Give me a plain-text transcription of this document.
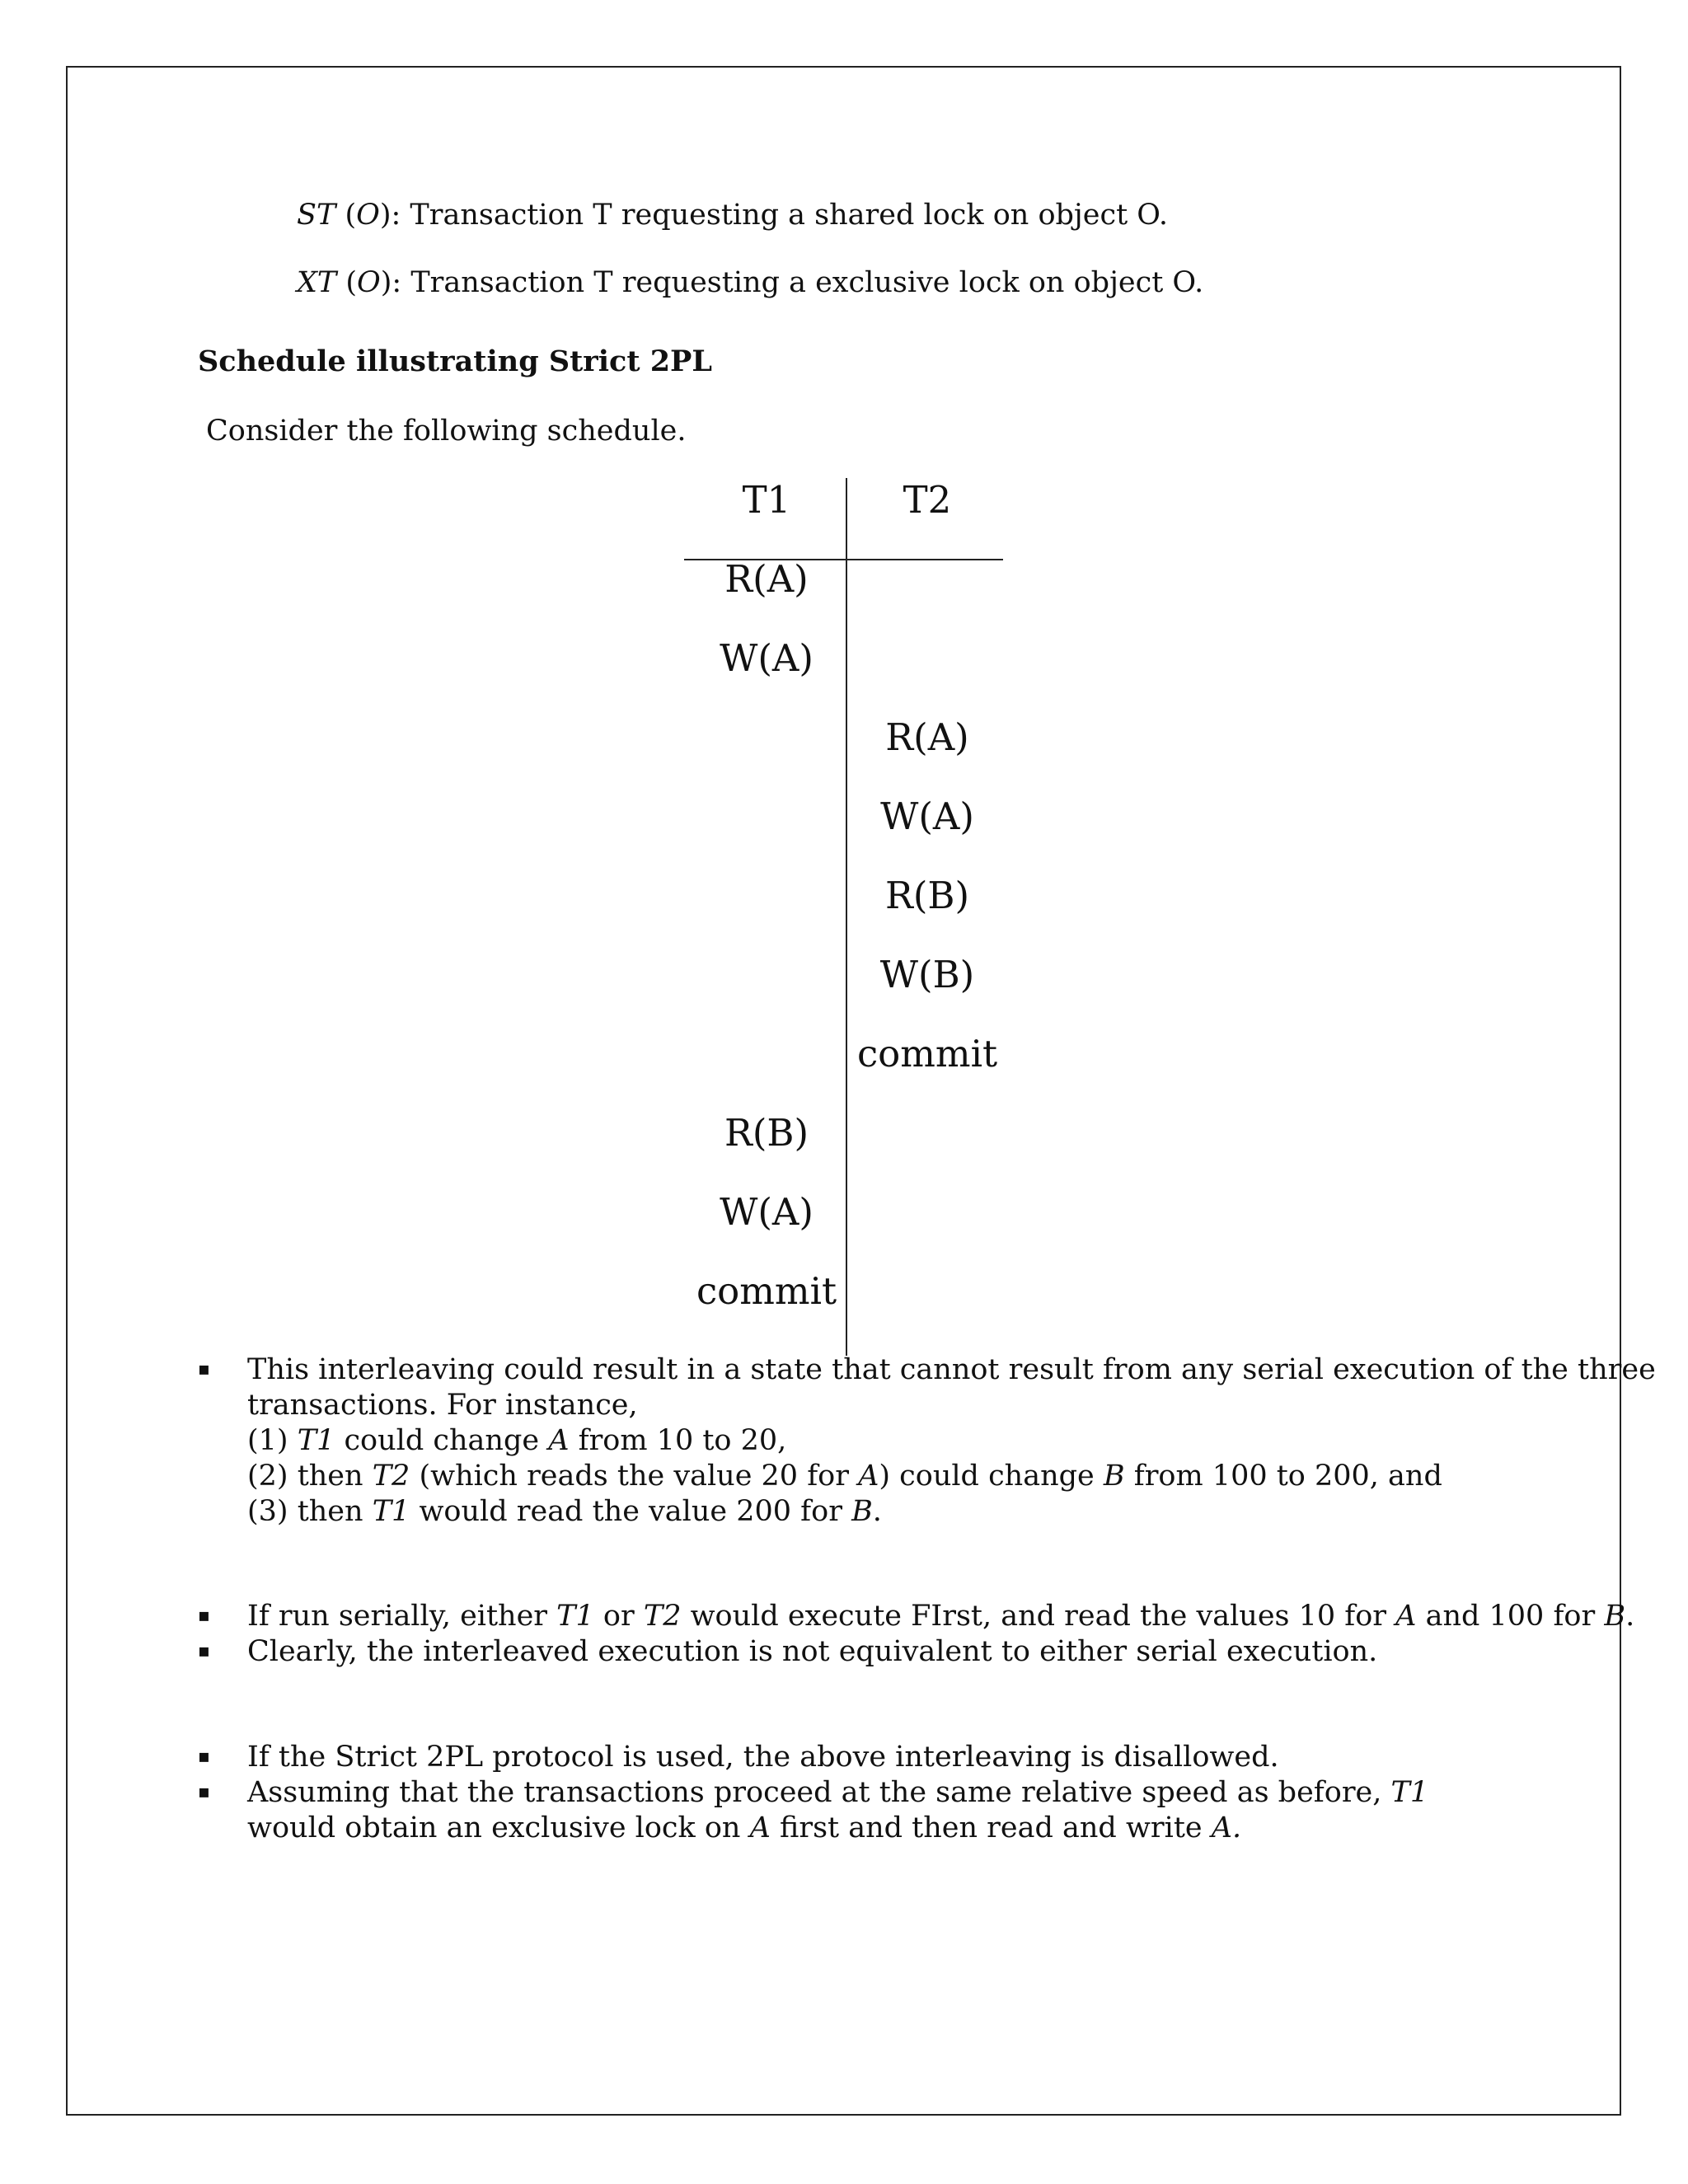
ST (O): Transaction T requesting a shared lock on object O.
XT (O): Transaction T requesting a exclusive lock on object O.
Schedule illustrating Strict 2PL
Consider the following schedule.
T1	T2
R(A)
W(A)
R(A)
W(A)
R(B)
W(B)
commit
R(B)
W(A)
commit
▪ This interleaving could result in a state that cannot result from any serial execution of the three
transactions. For instance,
(1) T1 could change A from 10 to 20,
(2) then T2 (which reads the value 20 for A) could change B from 100 to 200, and
(3) then T1 would read the value 200 for B.
▪ If run serially, either T1 or T2 would execute FIrst, and read the values 10 for A and 100 for B.
▪ Clearly, the interleaved execution is not equivalent to either serial execution.
▪ If the Strict 2PL protocol is used, the above interleaving is disallowed.
▪ Assuming that the transactions proceed at the same relative speed as before, T1
would obtain an exclusive lock on A first and then read and write A.
